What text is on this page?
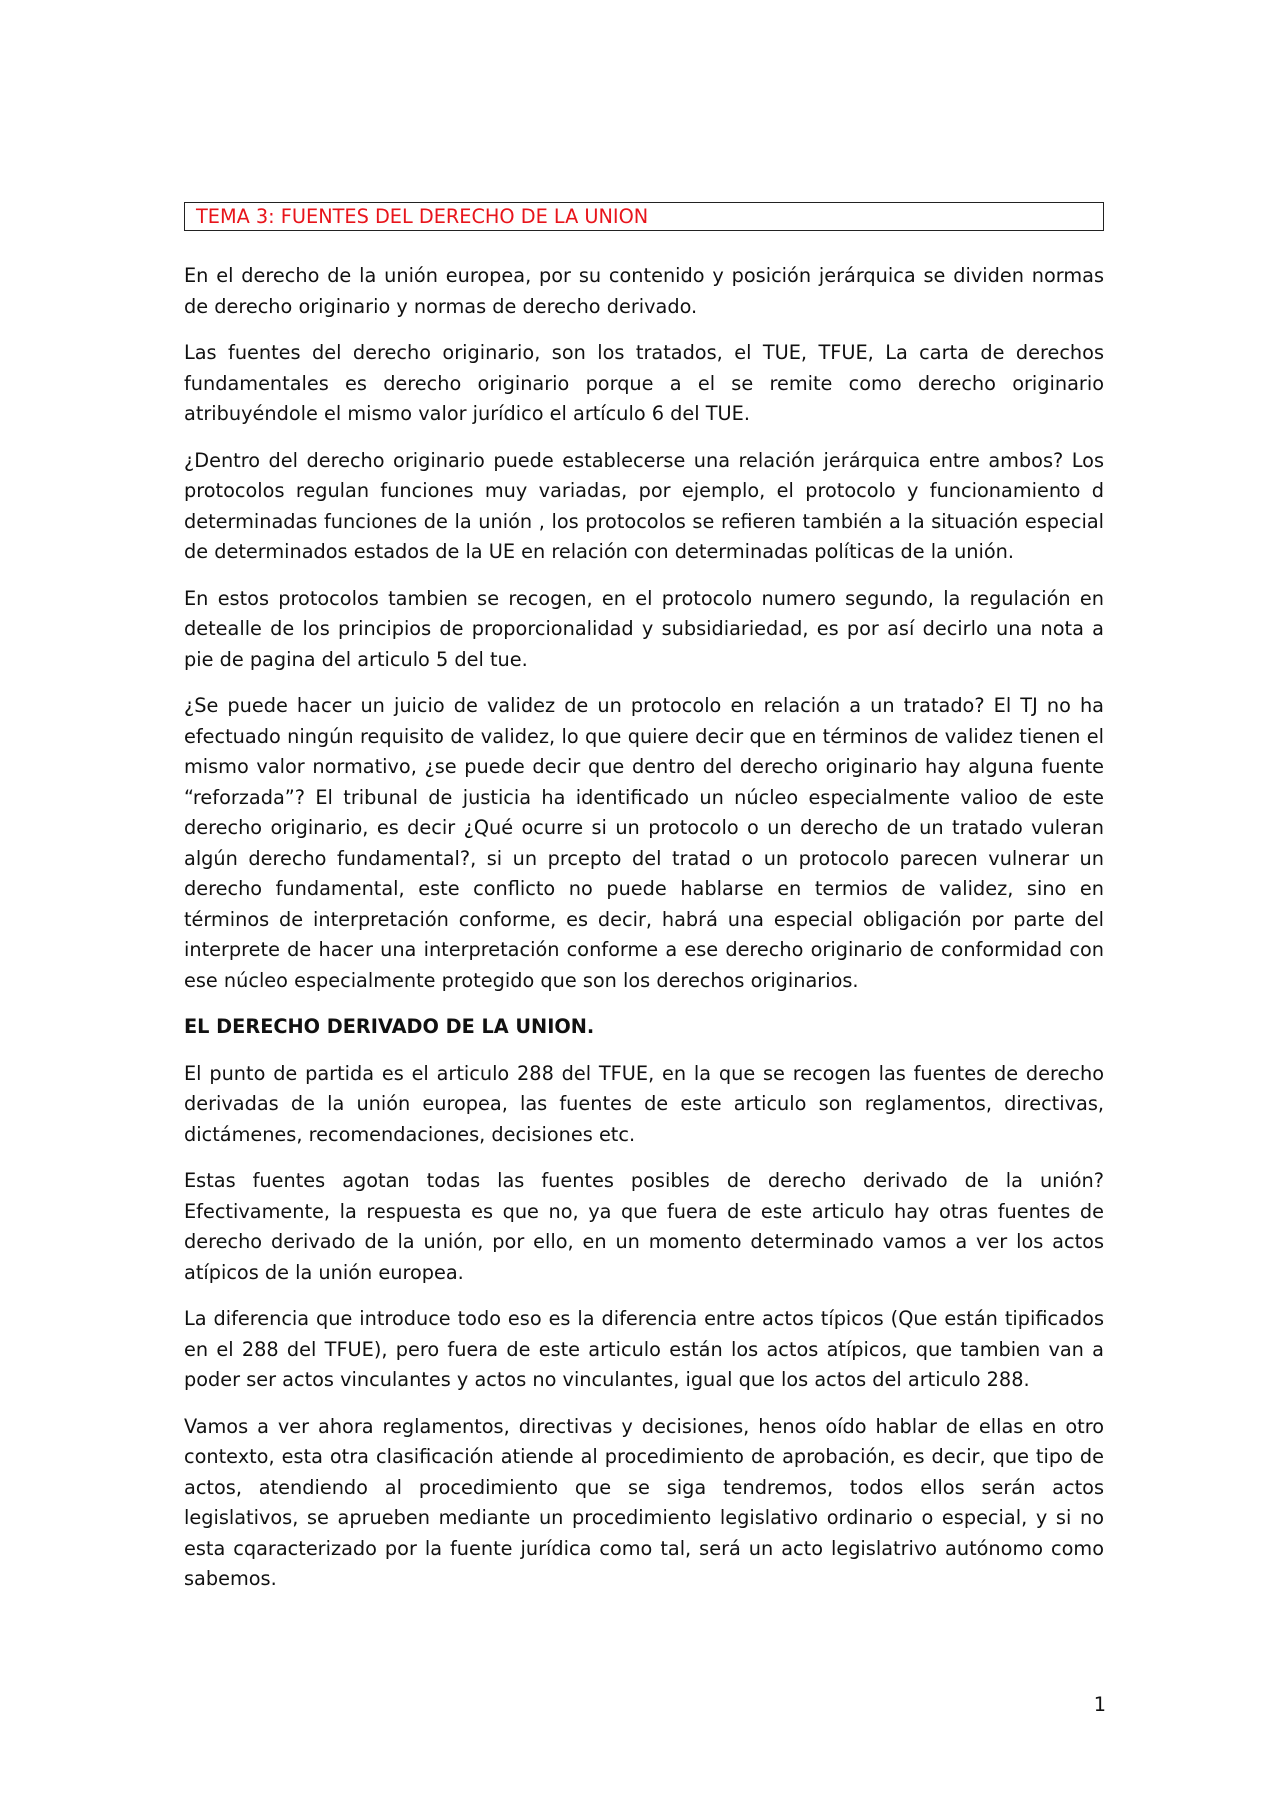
TEMA 3: FUENTES DEL DERECHO DE LA UNION

En el derecho de la unión europea, por su contenido y posición jerárquica se dividen normas de derecho originario y normas de derecho derivado.

Las fuentes del derecho originario, son los tratados, el TUE, TFUE, La carta de derechos fundamentales es derecho originario porque a el se remite como derecho originario atribuyéndole el mismo valor jurídico el artículo 6 del TUE.

¿Dentro del derecho originario puede establecerse una relación jerárquica entre ambos? Los protocolos regulan funciones muy variadas, por ejemplo, el protocolo y funcionamiento d determinadas funciones de la unión , los protocolos se refieren también a la situación especial de determinados estados de la UE en relación con determinadas políticas de la unión.

En estos protocolos tambien se recogen, en el protocolo numero segundo, la regulación en detealle de los principios de proporcionalidad y subsidiariedad, es por así decirlo una nota a pie de pagina del articulo 5 del tue.

¿Se puede hacer un juicio de validez de un protocolo en relación a un tratado? El TJ no ha efectuado ningún requisito de validez, lo que quiere decir que en términos de validez tienen el mismo valor normativo, ¿se puede decir que dentro del derecho originario hay alguna fuente “reforzada”? El tribunal de justicia ha identificado un núcleo especialmente valioo de este derecho originario, es decir ¿Qué ocurre si un protocolo o un derecho de un tratado vuleran algún derecho fundamental?, si un prcepto del tratad o un protocolo parecen vulnerar un derecho fundamental, este conflicto no puede hablarse en termios de validez, sino en términos de interpretación conforme, es decir, habrá una especial obligación por parte del interprete de hacer una interpretación conforme a ese derecho originario de conformidad con ese núcleo especialmente protegido que son los derechos originarios.

EL DERECHO DERIVADO DE LA UNION.

El punto de partida es el articulo 288 del TFUE, en la que se recogen las fuentes de derecho derivadas de la unión europea, las fuentes de este articulo son reglamentos, directivas, dictámenes, recomendaciones, decisiones etc.

Estas fuentes agotan todas las fuentes posibles de derecho derivado de la unión? Efectivamente, la respuesta es que no, ya que fuera de este articulo hay otras fuentes de derecho derivado de la unión, por ello, en un momento determinado vamos a ver los actos atípicos de la unión europea.

La diferencia que introduce todo eso es la diferencia entre actos típicos (Que están tipificados en el 288 del TFUE), pero fuera de este articulo están los actos atípicos, que tambien van a poder ser actos vinculantes y actos no vinculantes, igual que los actos del articulo 288.

Vamos a ver ahora reglamentos, directivas y decisiones, henos oído hablar de ellas en otro contexto, esta otra clasificación atiende al procedimiento de aprobación, es decir, que tipo de actos, atendiendo al procedimiento que se siga tendremos, todos ellos serán actos legislativos, se aprueben mediante un procedimiento legislativo ordinario o especial, y si no esta cqaracterizado por la fuente jurídica como tal, será un acto legislatrivo autónomo como sabemos.

1
